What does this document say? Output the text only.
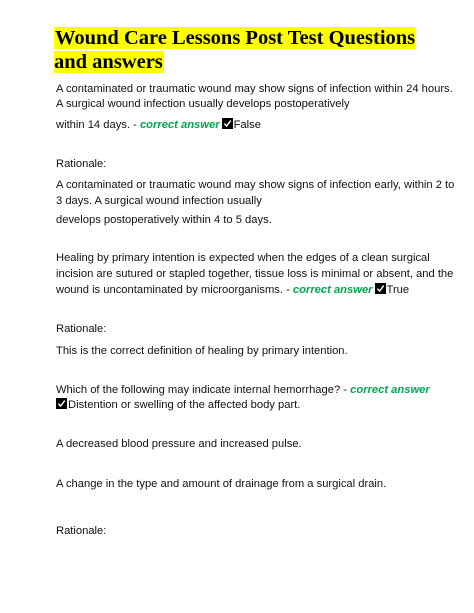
Wound Care Lessons Post Test Questions and answers

A contaminated or traumatic wound may show signs of infection within 24 hours.

A surgical wound infection usually develops postoperatively

within 14 days. - correct answer False

Rationale:

A contaminated or traumatic wound may show signs of infection early, within 2 to

3 days. A surgical wound infection usually

develops postoperatively within 4 to 5 days.

Healing by primary intention is expected when the edges of a clean surgical

incision are sutured or stapled together, tissue loss is minimal or absent, and the

wound is uncontaminated by microorganisms. - correct answer True

Rationale:

This is the correct definition of healing by primary intention.

Which of the following may indicate internal hemorrhage? - correct answer

Distention or swelling of the affected body part.

A decreased blood pressure and increased pulse.

A change in the type and amount of drainage from a surgical drain.

Rationale:
